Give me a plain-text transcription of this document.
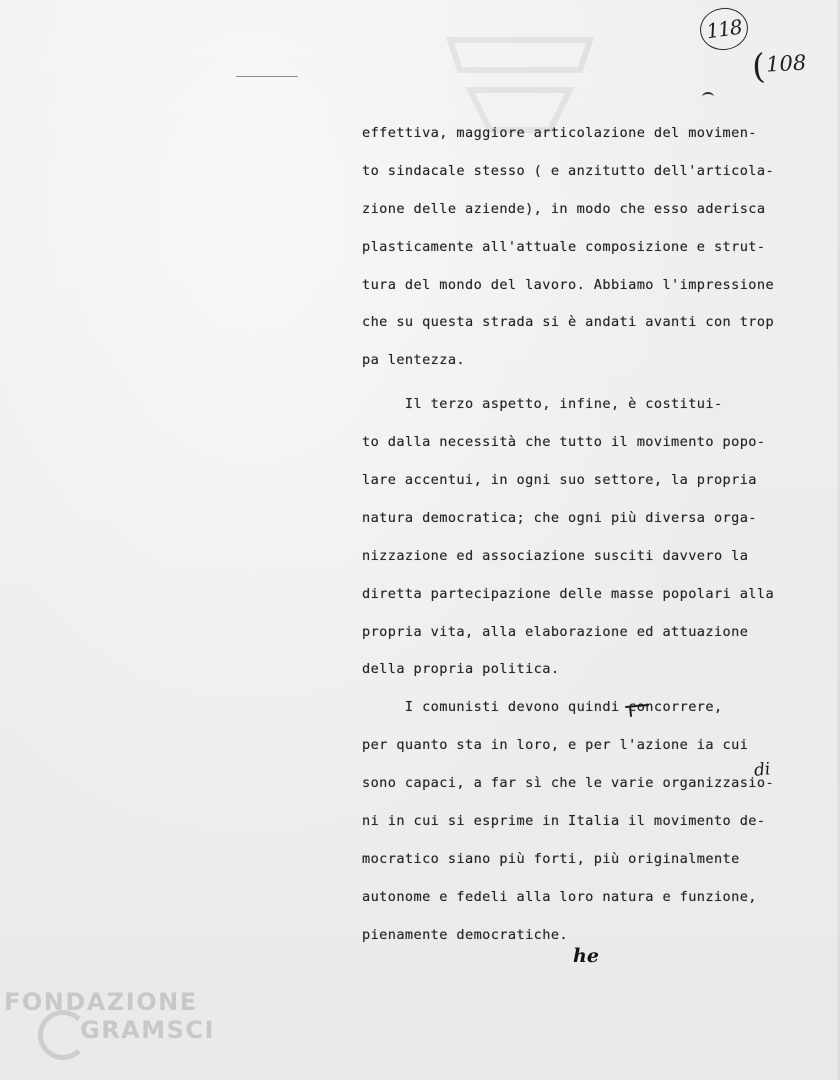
118
(108
effettiva, maggiore articolazione del movimen-
to sindacale stesso ( e anzitutto dell'articola-
zione delle aziende), in modo che esso aderisca
plasticamente all'attuale composizione e strut-
tura del mondo del lavoro. Abbiamo l'impressione
che su questa strada si è andati avanti con trop
pa lentezza.
Il terzo aspetto, infine, è costitui-
to dalla necessità che tutto il movimento popo-
lare accentui, in ogni suo settore, la propria
natura democratica; che ogni più diversa orga-
nizzazione ed associazione susciti davvero la
diretta partecipazione delle masse popolari alla
propria vita, alla elaborazione ed attuazione
della propria politica.
I comunisti devono quindi concorrere,
per quanto sta in loro, e per l'azione ia cui
sono capaci, a far sì che le varie organizzasio-
ni in cui si esprime in Italia il movimento de-
mocratico siano più forti, più originalmente
autonome e fedeli alla loro natura e funzione,
pienamente democratiche.
di
he
FONDAZIONE
GRAMSCI
